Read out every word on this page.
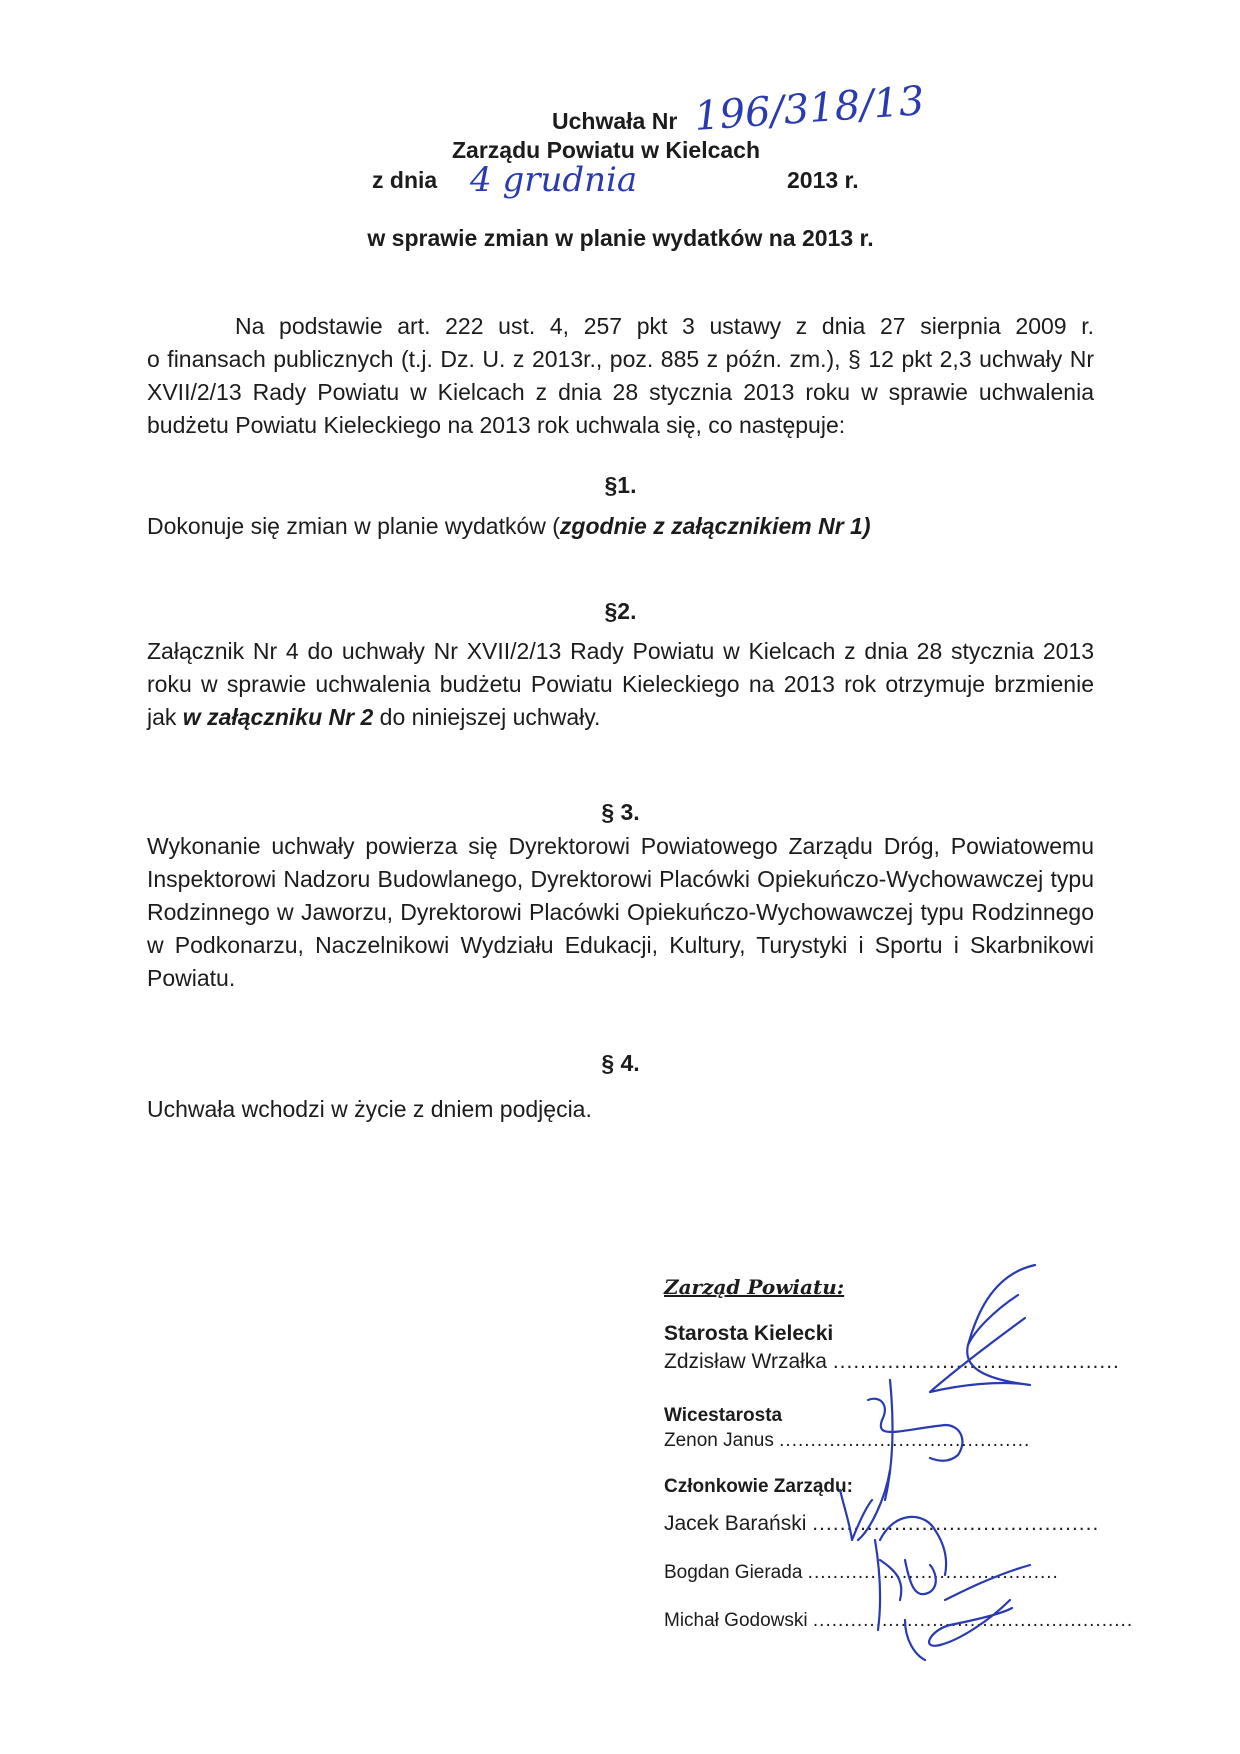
Uchwała Nr 196/318/13
Zarządu Powiatu w Kielcach
z dnia 4 grudnia	2013 r.
w sprawie zmian w planie wydatków na 2013 r.
Na podstawie art. 222 ust. 4, 257 pkt 3 ustawy z dnia 27 sierpnia 2009 r.
o finansach publicznych (t.j. Dz. U. z 2013r., poz. 885 z późn. zm.), § 12 pkt 2,3 uchwały Nr XVII/2/13 Rady Powiatu w Kielcach z dnia 28 stycznia 2013 roku w sprawie uchwalenia budżetu Powiatu Kieleckiego na 2013 rok uchwala się, co następuje:
§1.
Dokonuje się zmian w planie wydatków (zgodnie z załącznikiem Nr 1)
§2.
Załącznik Nr 4 do uchwały Nr XVII/2/13 Rady Powiatu w Kielcach z dnia 28 stycznia 2013 roku w sprawie uchwalenia budżetu Powiatu Kieleckiego na 2013 rok otrzymuje brzmienie jak w załączniku Nr 2 do niniejszej uchwały.
§ 3.
Wykonanie uchwały powierza się Dyrektorowi Powiatowego Zarządu Dróg, Powiatowemu Inspektorowi Nadzoru Budowlanego, Dyrektorowi Placówki Opiekuńczo-Wychowawczej typu Rodzinnego w Jaworzu, Dyrektorowi Placówki Opiekuńczo-Wychowawczej typu Rodzinnego w Podkonarzu, Naczelnikowi Wydziału Edukacji, Kultury, Turystyki i Sportu i Skarbnikowi Powiatu.
§ 4.
Uchwała wchodzi w życie z dniem podjęcia.
Zarząd Powiatu:
Starosta Kielecki
Zdzisław Wrzałka ..........................................
Wicestarosta
Zenon Janus ........................................
Członkowie Zarządu:
Jacek Barański ..........................................
Bogdan Gierada ........................................
Michał Godowski ...................................................
